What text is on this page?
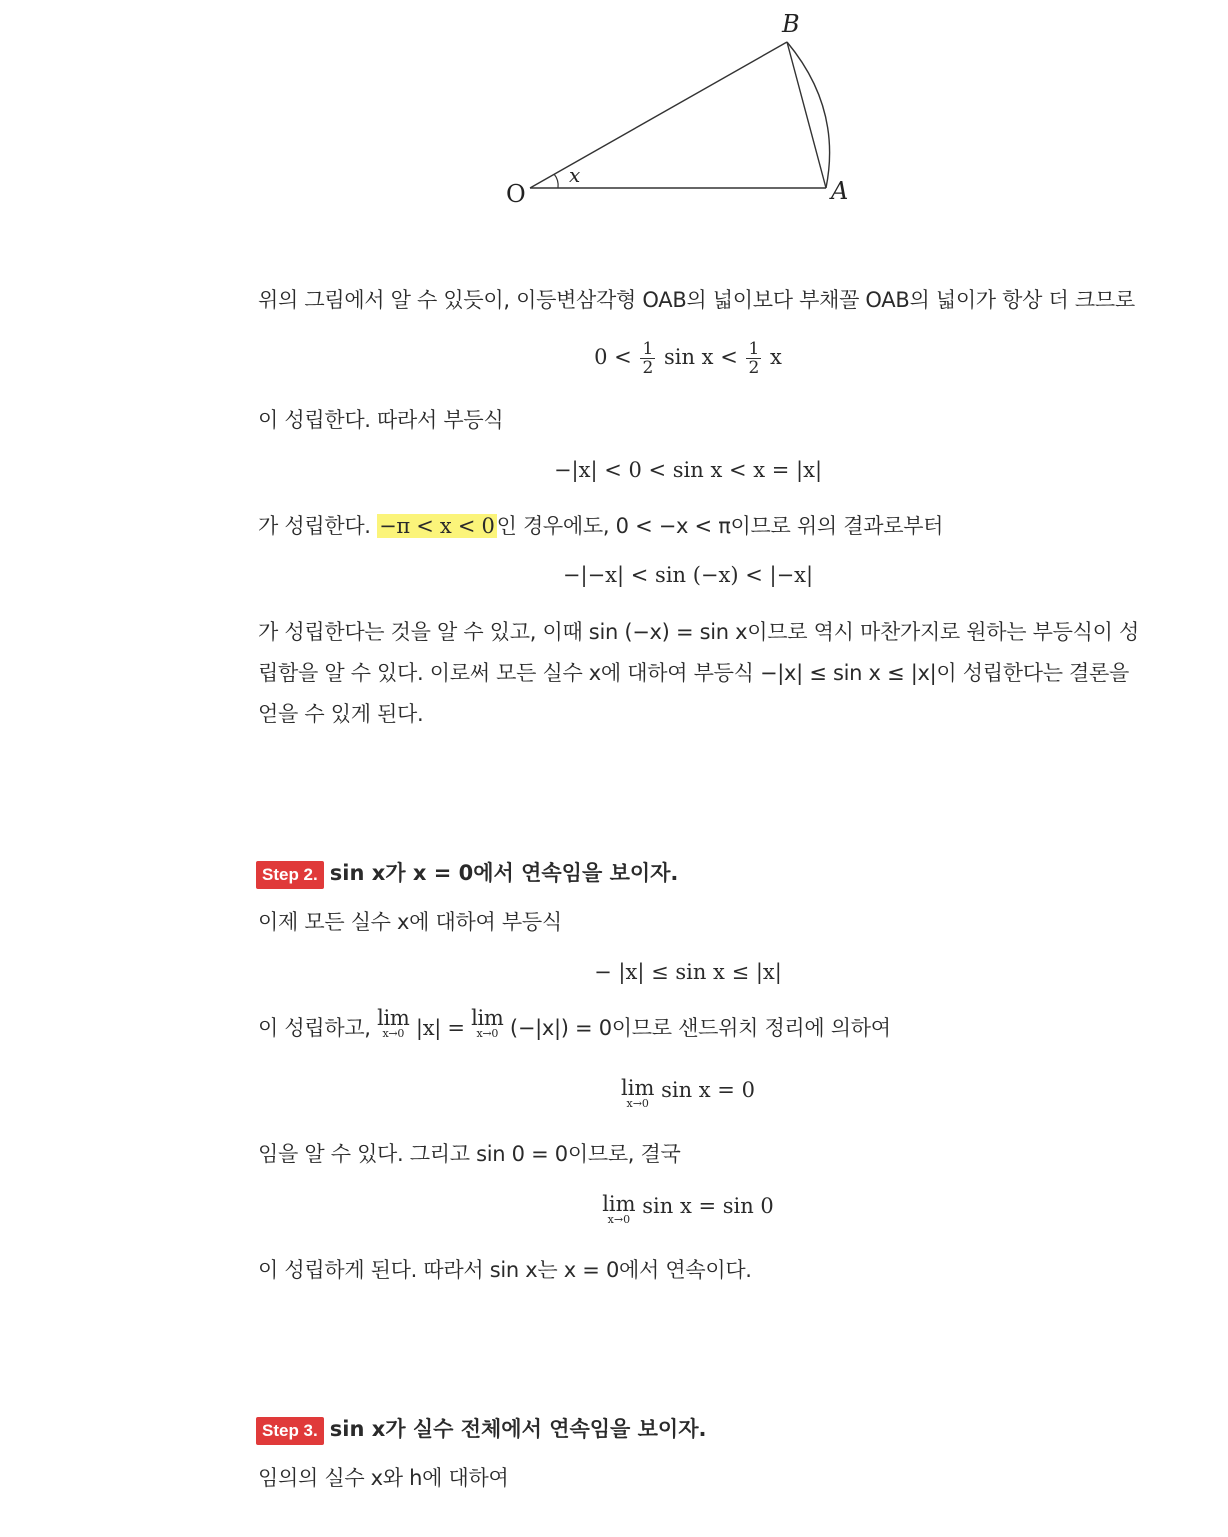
B
O	A
x
위의 그림에서 알 수 있듯이, 이등변삼각형 OAB의 넓이보다 부채꼴 OAB의 넓이가 항상 더 크므로
$0 < \frac{1}{2}$ $\sin x < \frac{1}{2}$ x
이 성립한다. 따라서 부등식
−|x| < 0 < sin x < x = |x|
가 성립한다. −π < x < 0인 경우에도, 0 < −x < π이므로 위의 결과로부터
−|−x| < sin (−x) < |−x|
가 성립한다는 것을 알 수 있고, 이때 sin (−x) = sin x이므로 역시 마찬가지로 원하는 부등식이 성
립함을 알 수 있다. 이로써 모든 실수 x에 대하여 부등식 −|x| ≤ sin x ≤ |x|이 성립한다는 결론을
얻을 수 있게 된다.
Step 2. sin x가 x = 0에서 연속임을 보이자.
이제 모든 실수 x에 대하여 부등식
− |x| ≤ sin x ≤ |x|
이 성립하고, lim
x→0 |x| = lim
x→0 (−|x|) = 0이므로 샌드위치 정리에 의하여
lim
x→0
sin x = 0
임을 알 수 있다. 그리고 sin 0 = 0이므로, 결국
lim
x→0
sin x = sin 0
이 성립하게 된다. 따라서 sin x는 x = 0에서 연속이다.
Step 3. sin x가 실수 전체에서 연속임을 보이자.
임의의 실수 x와 h에 대하여
